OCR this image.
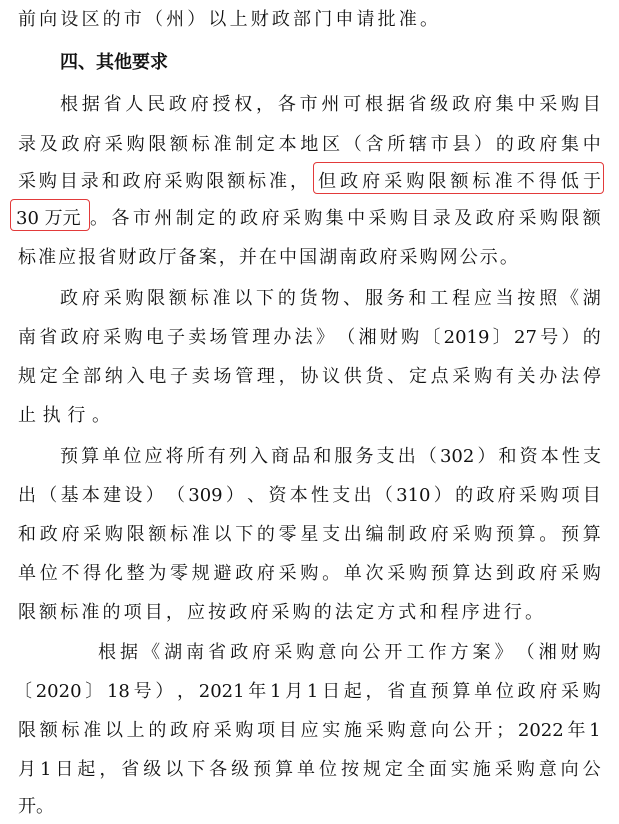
前 向 设 区 的 市 （ 州 ） 以 上 财 政 部 门 申 请 批 准 。
四、其他要求
根 据 省 人 民 政 府 授 权 ， 各 市 州 可 根 据 省 级 政 府 集 中 采 购 目
录 及 政 府 采 购 限 额 标 准 制 定 本 地 区 （ 含 所 辖 市 县 ） 的 政 府 集 中
采 购 目 录 和 政 府 采 购 限 额 标 准 ， 但 政 府 采 购 限 额 标 准 不 得 低 于
30 万元 。 各 市 州 制 定 的 政 府 采 购 集 中 采 购 目 录 及 政 府 采 购 限 额
标 准 应 报 省 财 政 厅 备 案 ， 并 在 中 国 湖 南 政 府 采 购 网 公 示 。
政 府 采 购 限 额 标 准 以 下 的 货 物 、 服 务 和 工 程 应 当 按 照 《 湖
南 省 政 府 采 购 电 子 卖 场 管 理 办 法 》 （ 湘 财 购 〔 2019 〕 27 号 ） 的
规 定 全 部 纳 入 电 子 卖 场 管 理 ， 协 议 供 货 、 定 点 采 购 有 关 办 法 停
止 执 行 。
预 算 单 位 应 将 所 有 列 入 商 品 和 服 务 支 出 （ 302 ） 和 资 本 性 支
出 （ 基 本 建 设 ） （ 309 ） 、 资 本 性 支 出 （ 310 ） 的 政 府 采 购 项 目
和 政 府 采 购 限 额 标 准 以 下 的 零 星 支 出 编 制 政 府 采 购 预 算 。 预 算
单 位 不 得 化 整 为 零 规 避 政 府 采 购 。 单 次 采 购 预 算 达 到 政 府 采 购
限 额 标 准 的 项 目 ， 应 按 政 府 采 购 的 法 定 方 式 和 程 序 进 行 。
根 据 《 湖 南 省 政 府 采 购 意 向 公 开 工 作 方 案 》 （ 湘 财 购
〔 2020 〕 18 号 ） ， 2021 年 1 月 1 日 起 ， 省 直 预 算 单 位 政 府 采 购
限 额 标 准 以 上 的 政 府 采 购 项 目 应 实 施 采 购 意 向 公 开 ； 2022 年 1
月 1 日 起 ， 省 级 以 下 各 级 预 算 单 位 按 规 定 全 面 实 施 采 购 意 向 公
开。
